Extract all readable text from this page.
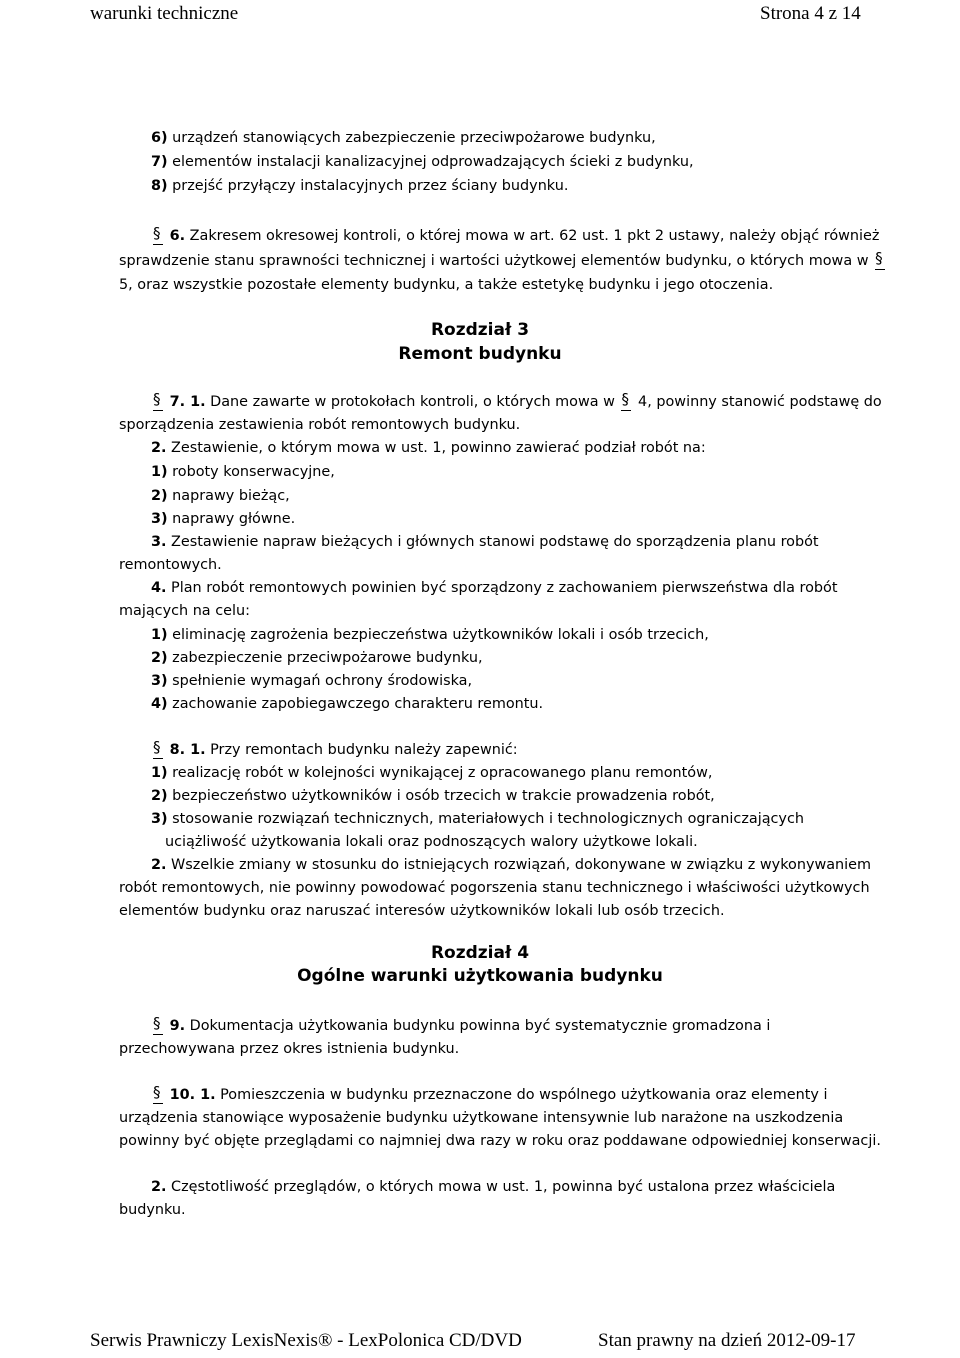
warunki techniczne	Strona 4 z 14
6) urządzeń stanowiących zabezpieczenie przeciwpożarowe budynku,
7) elementów instalacji kanalizacyjnej odprowadzających ścieki z budynku,
8) przejść przyłączy instalacyjnych przez ściany budynku.
§ 6. Zakresem okresowej kontroli, o której mowa w art. 62 ust. 1 pkt 2 ustawy, należy objąć również
sprawdzenie stanu sprawności technicznej i wartości użytkowej elementów budynku, o których mowa w §
5, oraz wszystkie pozostałe elementy budynku, a także estetykę budynku i jego otoczenia.
Rozdział 3
Remont budynku
§ 7. 1. Dane zawarte w protokołach kontroli, o których mowa w § 4, powinny stanowić podstawę do
sporządzenia zestawienia robót remontowych budynku.
2. Zestawienie, o którym mowa w ust. 1, powinno zawierać podział robót na:
1) roboty konserwacyjne,
2) naprawy bieżąc,
3) naprawy główne.
3. Zestawienie napraw bieżących i głównych stanowi podstawę do sporządzenia planu robót
remontowych.
4. Plan robót remontowych powinien być sporządzony z zachowaniem pierwszeństwa dla robót
mających na celu:
1) eliminację zagrożenia bezpieczeństwa użytkowników lokali i osób trzecich,
2) zabezpieczenie przeciwpożarowe budynku,
3) spełnienie wymagań ochrony środowiska,
4) zachowanie zapobiegawczego charakteru remontu.
§ 8. 1. Przy remontach budynku należy zapewnić:
1) realizację robót w kolejności wynikającej z opracowanego planu remontów,
2) bezpieczeństwo użytkowników i osób trzecich w trakcie prowadzenia robót,
3) stosowanie rozwiązań technicznych, materiałowych i technologicznych ograniczających
uciążliwość użytkowania lokali oraz podnoszących walory użytkowe lokali.
2. Wszelkie zmiany w stosunku do istniejących rozwiązań, dokonywane w związku z wykonywaniem
robót remontowych, nie powinny powodować pogorszenia stanu technicznego i właściwości użytkowych
elementów budynku oraz naruszać interesów użytkowników lokali lub osób trzecich.
Rozdział 4
Ogólne warunki użytkowania budynku
§ 9. Dokumentacja użytkowania budynku powinna być systematycznie gromadzona i
przechowywana przez okres istnienia budynku.
§ 10. 1. Pomieszczenia w budynku przeznaczone do wspólnego użytkowania oraz elementy i
urządzenia stanowiące wyposażenie budynku użytkowane intensywnie lub narażone na uszkodzenia
powinny być objęte przeglądami co najmniej dwa razy w roku oraz poddawane odpowiedniej konserwacji.
2. Częstotliwość przeglądów, o których mowa w ust. 1, powinna być ustalona przez właściciela
budynku.
Serwis Prawniczy LexisNexis® - LexPolonica CD/DVD	Stan prawny na dzień 2012-09-17
